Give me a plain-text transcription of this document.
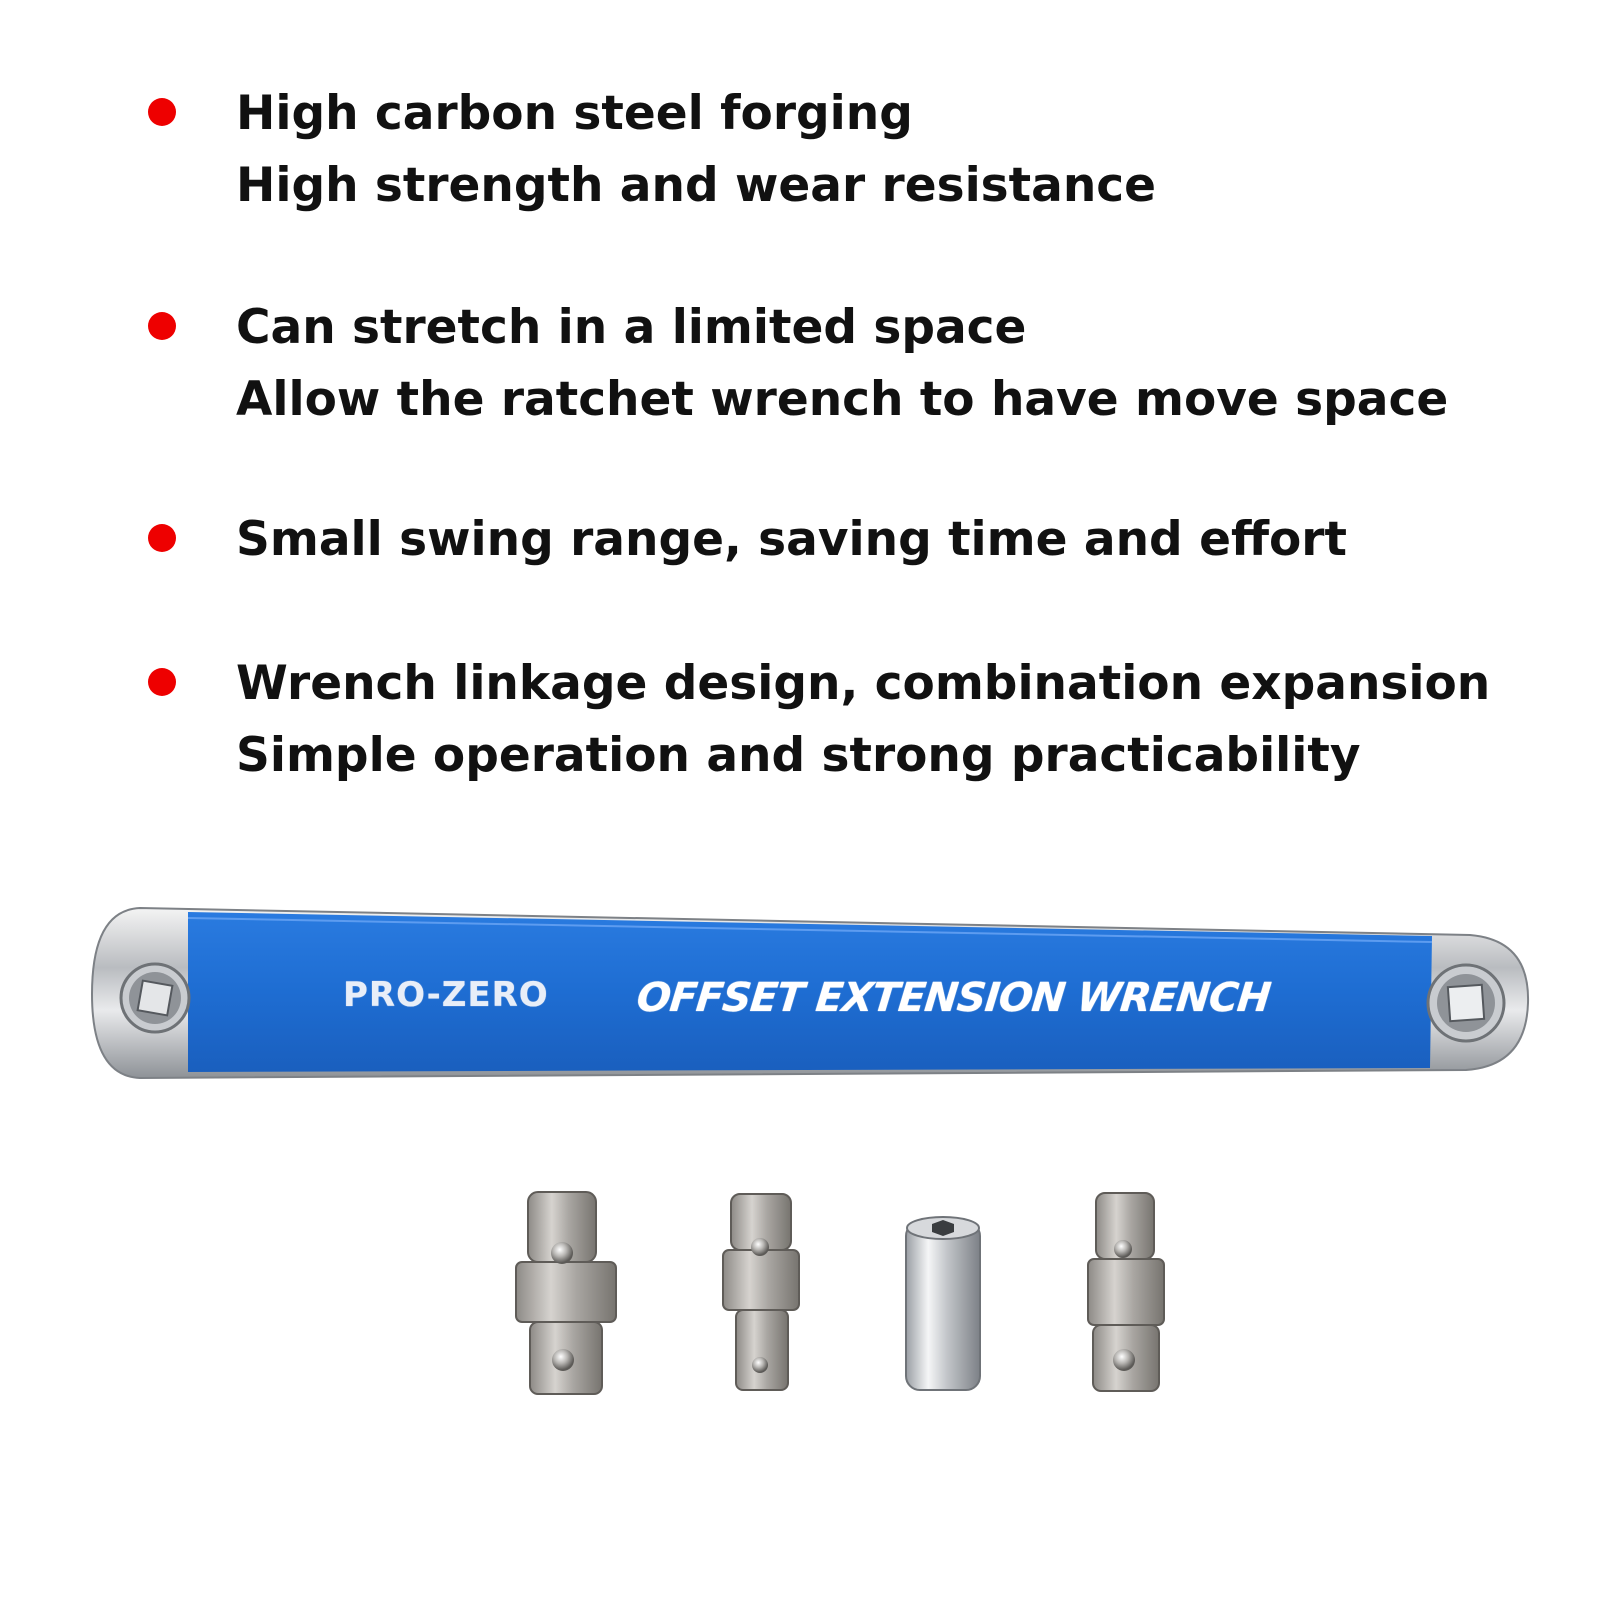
High carbon steel forging

High strength and wear resistance

Can stretch in a limited space

Allow the ratchet wrench to have move space

Small swing range, saving time and effort

Wrench linkage design, combination expansion

Simple operation and strong practicability

PRO-ZERO OFFSET EXTENSION WRENCH
